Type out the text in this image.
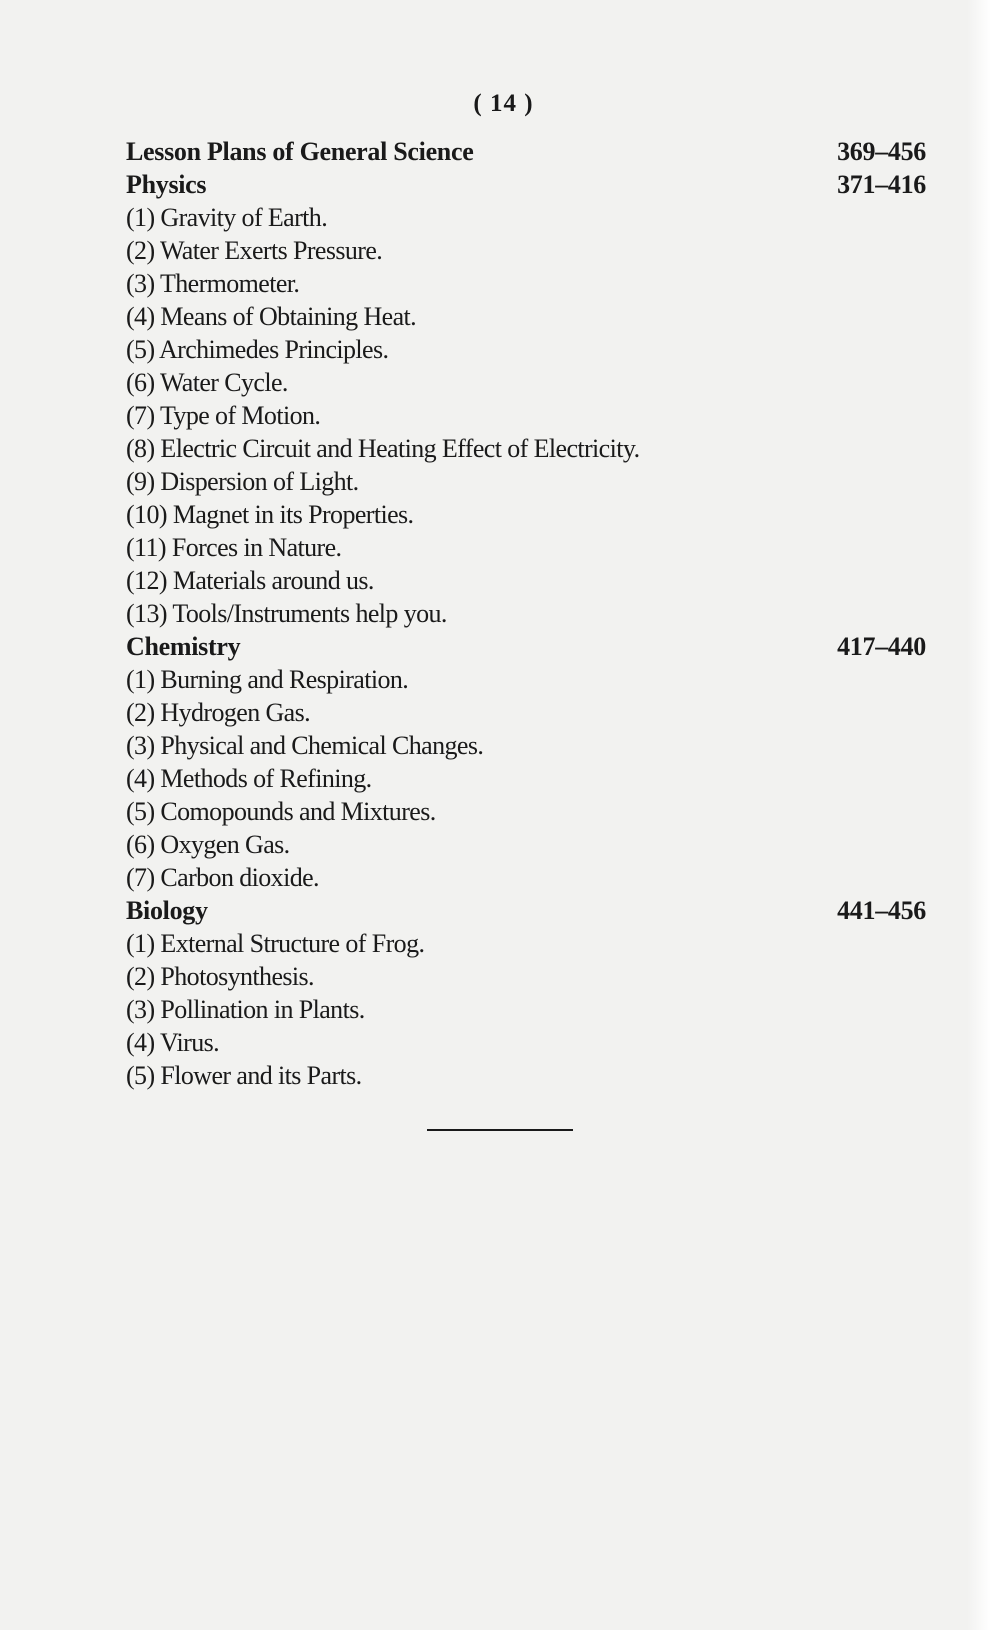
( 14 )
Lesson Plans of General Science	369–456
Physics	371–416
(1) Gravity of Earth.
(2) Water Exerts Pressure.
(3) Thermometer.
(4) Means of Obtaining Heat.
(5) Archimedes Principles.
(6) Water Cycle.
(7) Type of Motion.
(8) Electric Circuit and Heating Effect of Electricity.
(9) Dispersion of Light.
(10) Magnet in its Properties.
(11) Forces in Nature.
(12) Materials around us.
(13) Tools/Instruments help you.
Chemistry	417–440
(1) Burning and Respiration.
(2) Hydrogen Gas.
(3) Physical and Chemical Changes.
(4) Methods of Refining.
(5) Comopounds and Mixtures.
(6) Oxygen Gas.
(7) Carbon dioxide.
Biology	441–456
(1) External Structure of Frog.
(2) Photosynthesis.
(3) Pollination in Plants.
(4) Virus.
(5) Flower and its Parts.
